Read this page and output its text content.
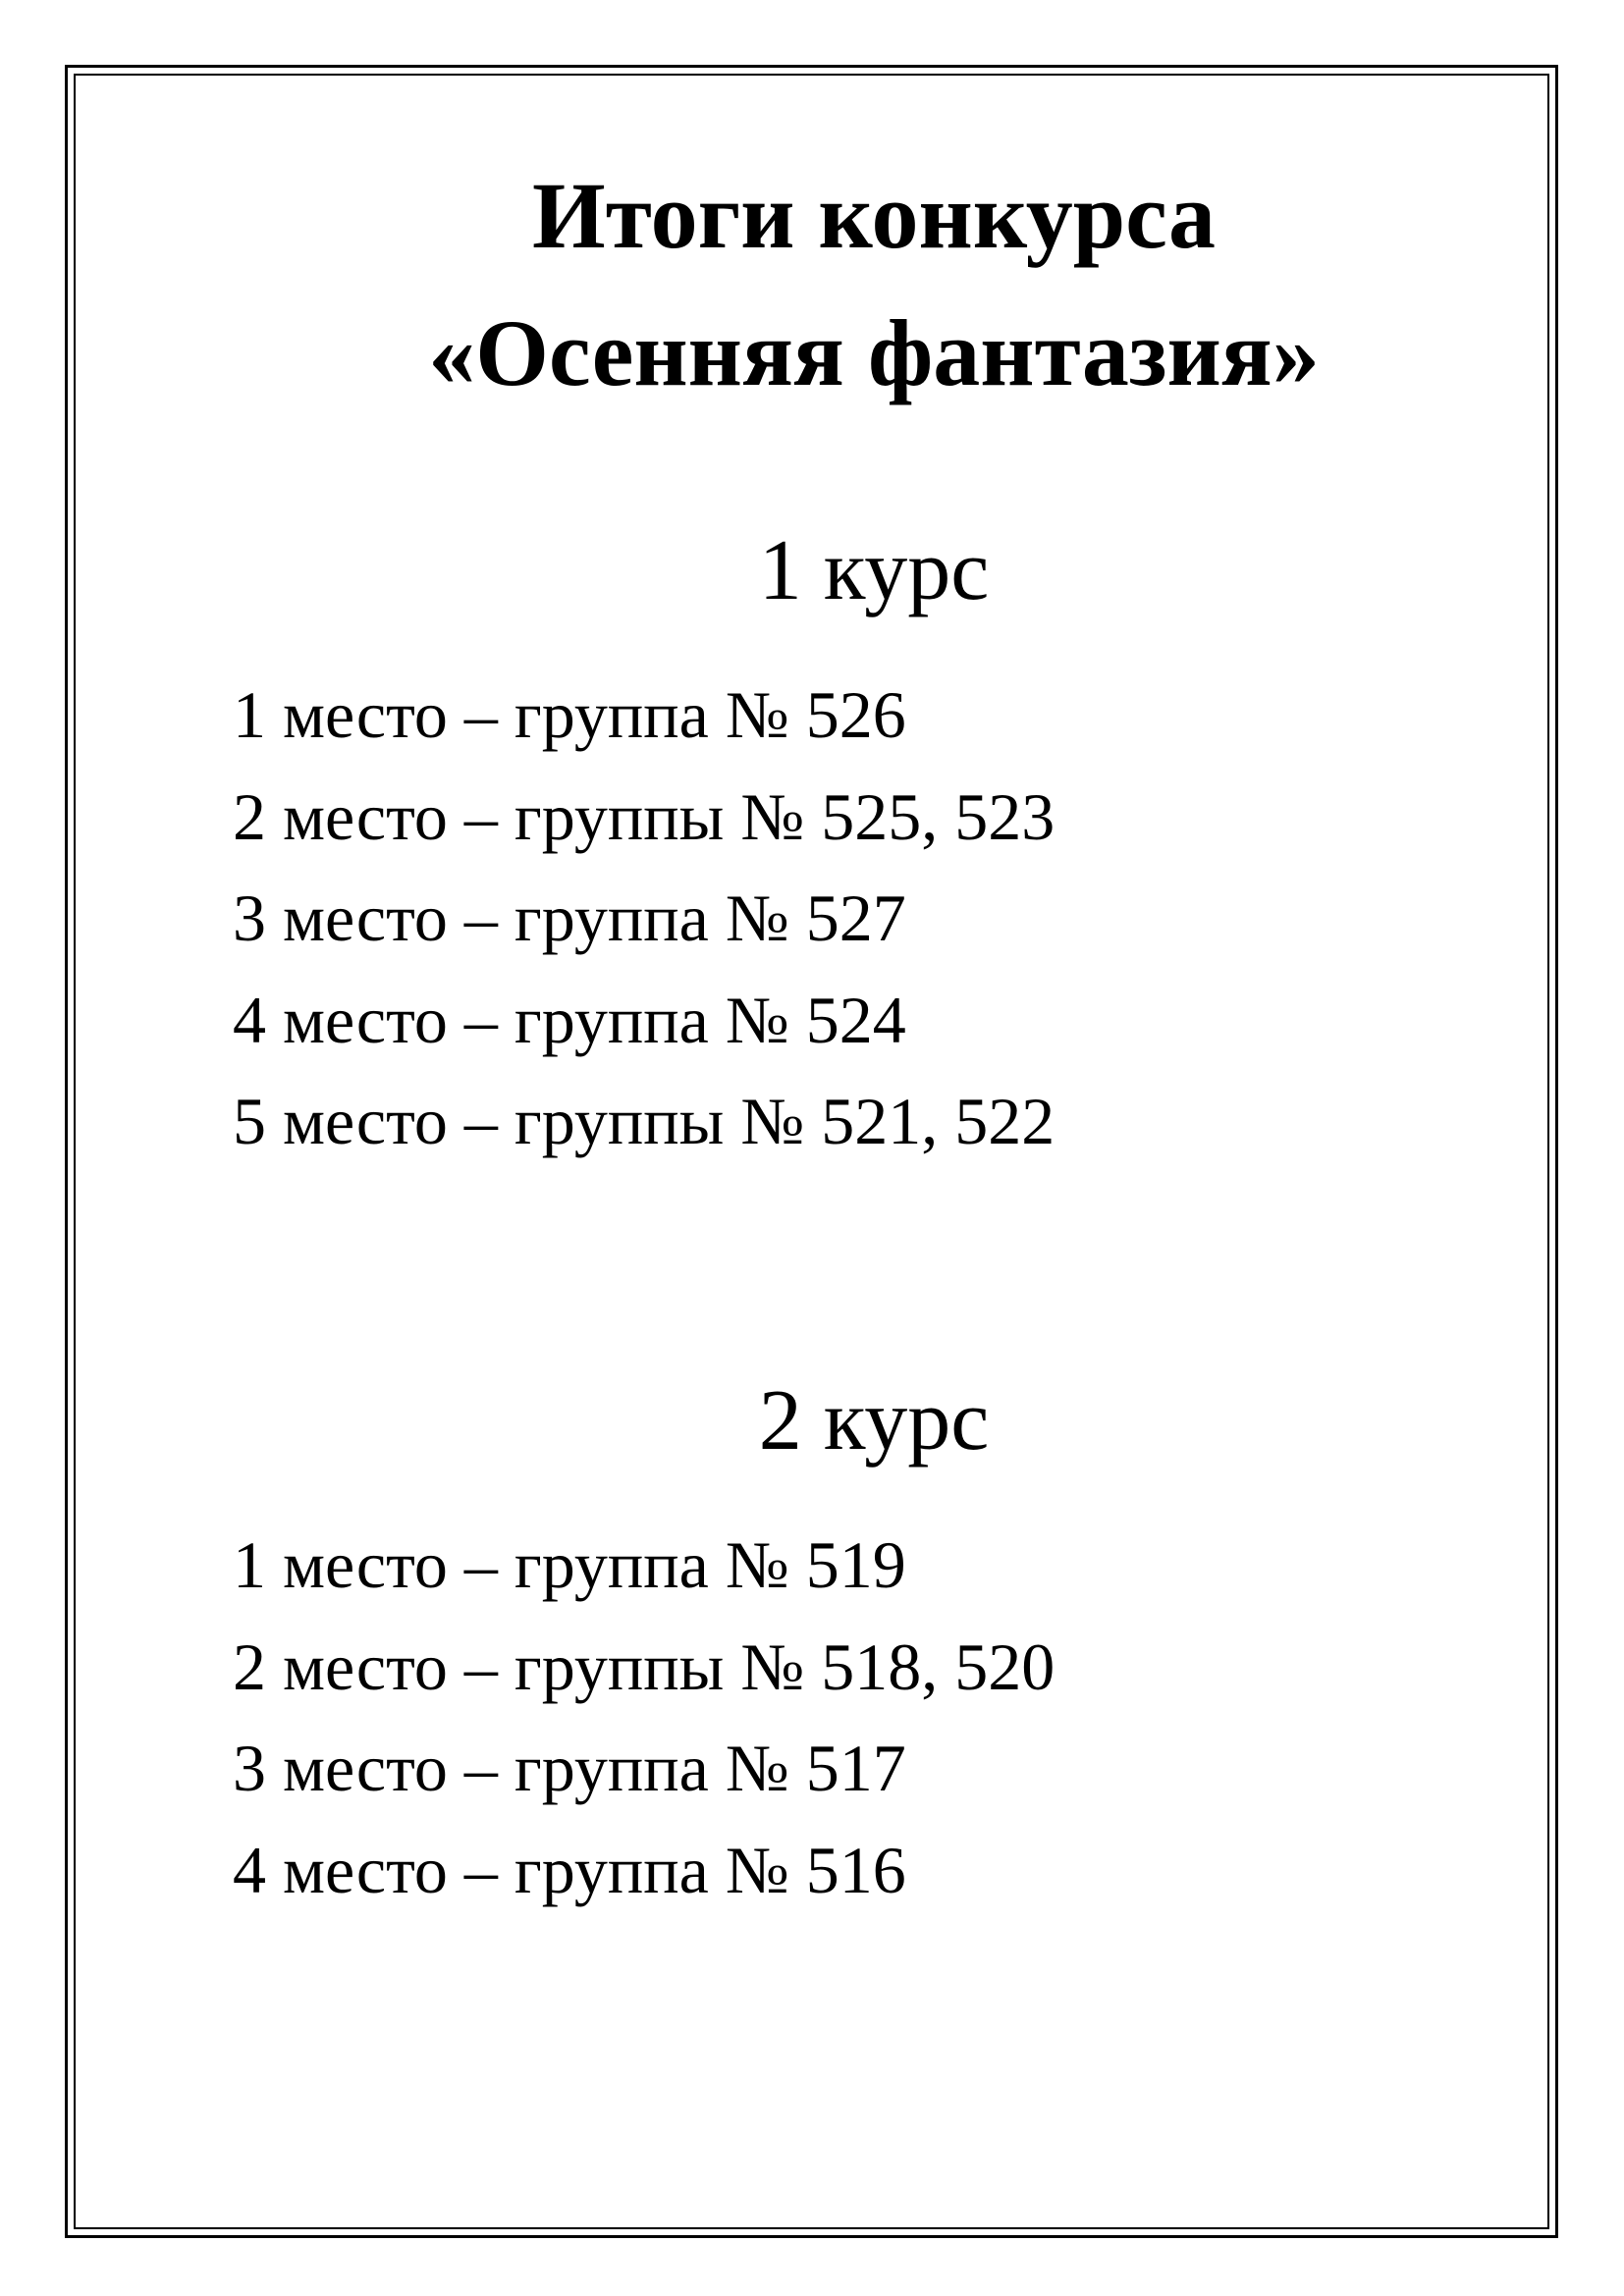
Итоги конкурса
«Осенняя фантазия»
1 курс
1 место – группа № 526
2 место – группы № 525, 523
3 место – группа № 527
4 место – группа № 524
5 место – группы № 521, 522
2 курс
1 место – группа № 519
2 место – группы № 518, 520
3 место – группа № 517
4 место – группа № 516
